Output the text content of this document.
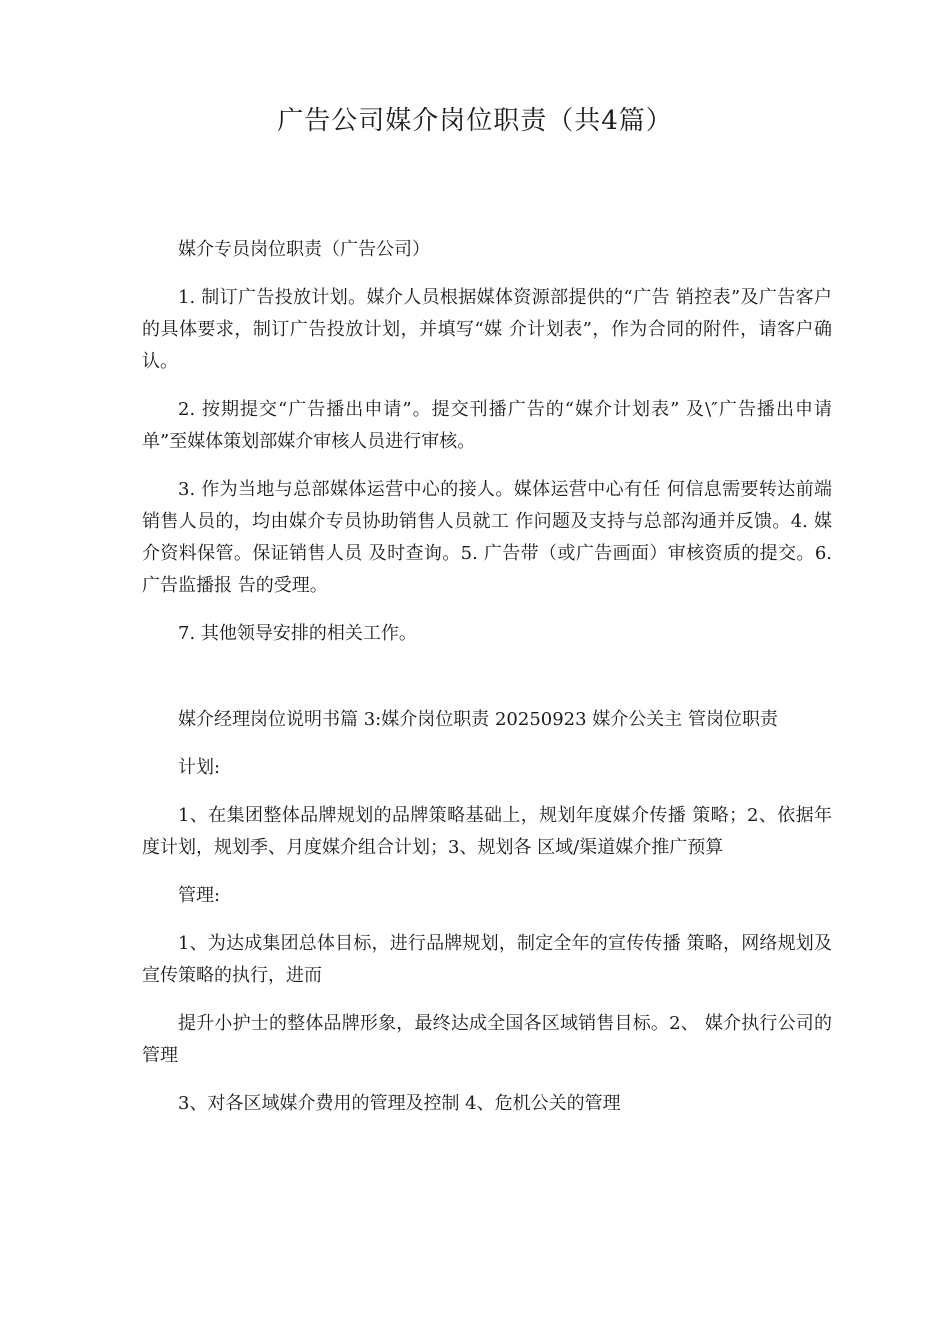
广告公司媒介岗位职责（共4篇）

媒介专员岗位职责（广告公司）

1. 制订广告投放计划。媒介人员根据媒体资源部提供的“广告 销控表”及广告客户的具体要求，制订广告投放计划，并填写“媒 介计划表”，作为合同的附件，请客户确认。

2. 按期提交“广告播出申请”。提交刊播广告的“媒介计划表” 及\″广告播出申请单”至媒体策划部媒介审核人员进行审核。

3. 作为当地与总部媒体运营中心的接人。媒体运营中心有任 何信息需要转达前端销售人员的，均由媒介专员协助销售人员就工 作问题及支持与总部沟通并反馈。4. 媒介资料保管。保证销售人员 及时查询。5. 广告带（或广告画面）审核资质的提交。6. 广告监播报 告的受理。

7. 其他领导安排的相关工作。

媒介经理岗位说明书篇 3:媒介岗位职责 20250923 媒介公关主 管岗位职责

计划:

1、在集团整体品牌规划的品牌策略基础上，规划年度媒介传播 策略；2、依据年度计划，规划季、月度媒介组合计划；3、规划各 区域/渠道媒介推广预算

管理:

1、为达成集团总体目标，进行品牌规划，制定全年的宣传传播 策略，网络规划及宣传策略的执行，进而

提升小护士的整体品牌形象，最终达成全国各区域销售目标。2、 媒介执行公司的管理

3、对各区域媒介费用的管理及控制 4、危机公关的管理
